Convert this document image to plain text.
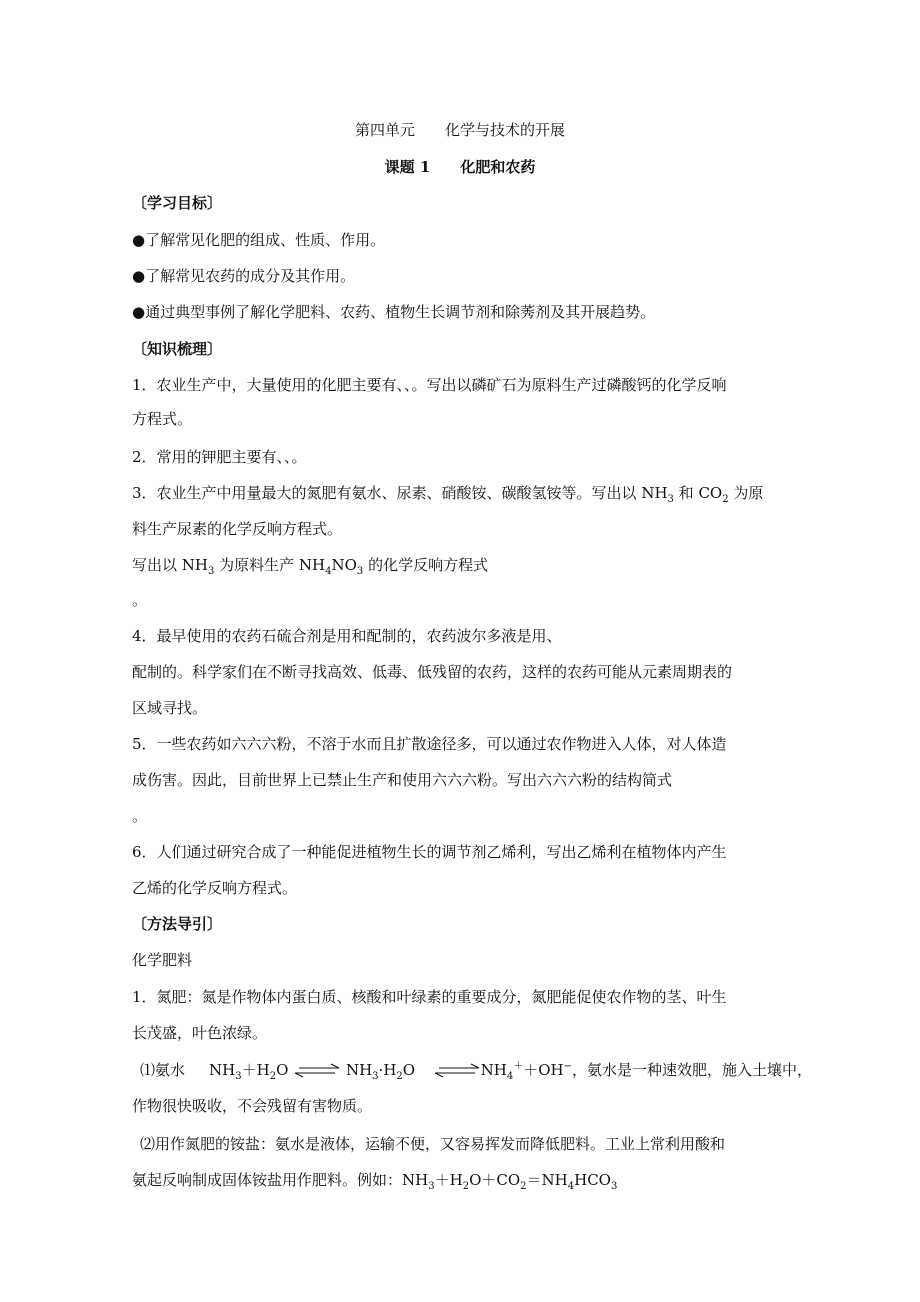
第四单元　　化学与技术的开展
课题 1　　化肥和农药
〔学习目标〕
●了解常见化肥的组成、性质、作用。
●了解常见农药的成分及其作用。
●通过典型事例了解化学肥料、农药、植物生长调节剂和除莠剂及其开展趋势。
〔知识梳理〕
1．农业生产中，大量使用的化肥主要有、、。写出以磷矿石为原料生产过磷酸钙的化学反响
方程式。
2．常用的钾肥主要有、、。
3．农业生产中用量最大的氮肥有氨水、尿素、硝酸铵、碳酸氢铵等。写出以 $NH_3$ 和 $CO_2$ 为原
料生产尿素的化学反响方程式。
写出以 $NH_3$ 为原料生产 $NH_4NO_3$ 的化学反响方程式
。
4．最早使用的农药石硫合剂是用和配制的，农药波尔多液是用、
配制的。科学家们在不断寻找高效、低毒、低残留的农药，这样的农药可能从元素周期表的
区域寻找。
5．一些农药如六六六粉，不溶于水而且扩散途径多，可以通过农作物进入人体，对人体造
成伤害。因此，目前世界上已禁止生产和使用六六六粉。写出六六六粉的结构简式
。
6．人们通过研究合成了一种能促进植物生长的调节剂乙烯利，写出乙烯利在植物体内产生
乙烯的化学反响方程式。
〔方法导引〕
化学肥料
1．氮肥：氮是作物体内蛋白质、核酸和叶绿素的重要成分，氮肥能促使农作物的茎、叶生
长茂盛，叶色浓绿。
⑴氨水 $NH_3+H_2O$ ⇌ $NH_3\cdot H_2O$ $\rightleftharpoons NH_4^++OH^-$，氨水是一种速效肥，施入土壤中，
作物很快吸收，不会残留有害物质。
⑵用作氮肥的铵盐：氨水是液体，运输不便，又容易挥发而降低肥料。工业上常利用酸和
氨起反响制成固体铵盐用作肥料。例如：$NH_3+H_2O+CO_2=NH_4HCO_3$
